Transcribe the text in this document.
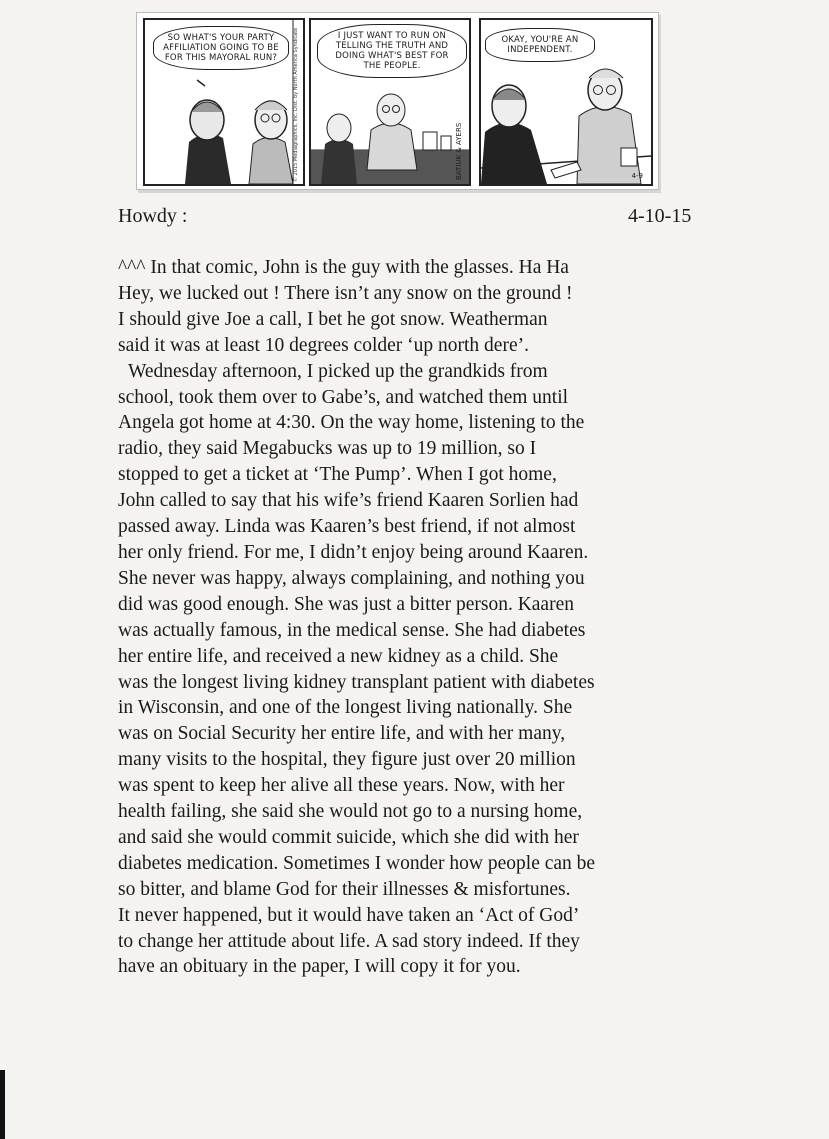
SO WHAT'S YOUR PARTY AFFILIATION GOING TO BE FOR THIS MAYORAL RUN?	© 2015 Mediagraphics, Inc. Dist. by North America Syndicate	I JUST WANT TO RUN ON TELLING THE TRUTH AND DOING WHAT'S BEST FOR THE PEOPLE.
BATIUK & AYERS
OKAY, YOU'RE AN INDEPENDENT.
4-9
Howdy :	4-10-15
^^^ In that comic, John is the guy with the glasses. Ha Ha
Hey, we lucked out ! There isn’t any snow on the ground !
I should give Joe a call, I bet he got snow. Weatherman
said it was at least 10 degrees colder ‘up north dere’.
Wednesday afternoon, I picked up the grandkids from
school, took them over to Gabe’s, and watched them until
Angela got home at 4:30. On the way home, listening to the
radio, they said Megabucks was up to 19 million, so I
stopped to get a ticket at ‘The Pump’. When I got home,
John called to say that his wife’s friend Kaaren Sorlien had
passed away. Linda was Kaaren’s best friend, if not almost
her only friend. For me, I didn’t enjoy being around Kaaren.
She never was happy, always complaining, and nothing you
did was good enough. She was just a bitter person. Kaaren
was actually famous, in the medical sense. She had diabetes
her entire life, and received a new kidney as a child. She
was the longest living kidney transplant patient with diabetes
in Wisconsin, and one of the longest living nationally. She
was on Social Security her entire life, and with her many,
many visits to the hospital, they figure just over 20 million
was spent to keep her alive all these years. Now, with her
health failing, she said she would not go to a nursing home,
and said she would commit suicide, which she did with her
diabetes medication. Sometimes I wonder how people can be
so bitter, and blame God for their illnesses & misfortunes.
It never happened, but it would have taken an ‘Act of God’
to change her attitude about life. A sad story indeed. If they
have an obituary in the paper, I will copy it for you.
